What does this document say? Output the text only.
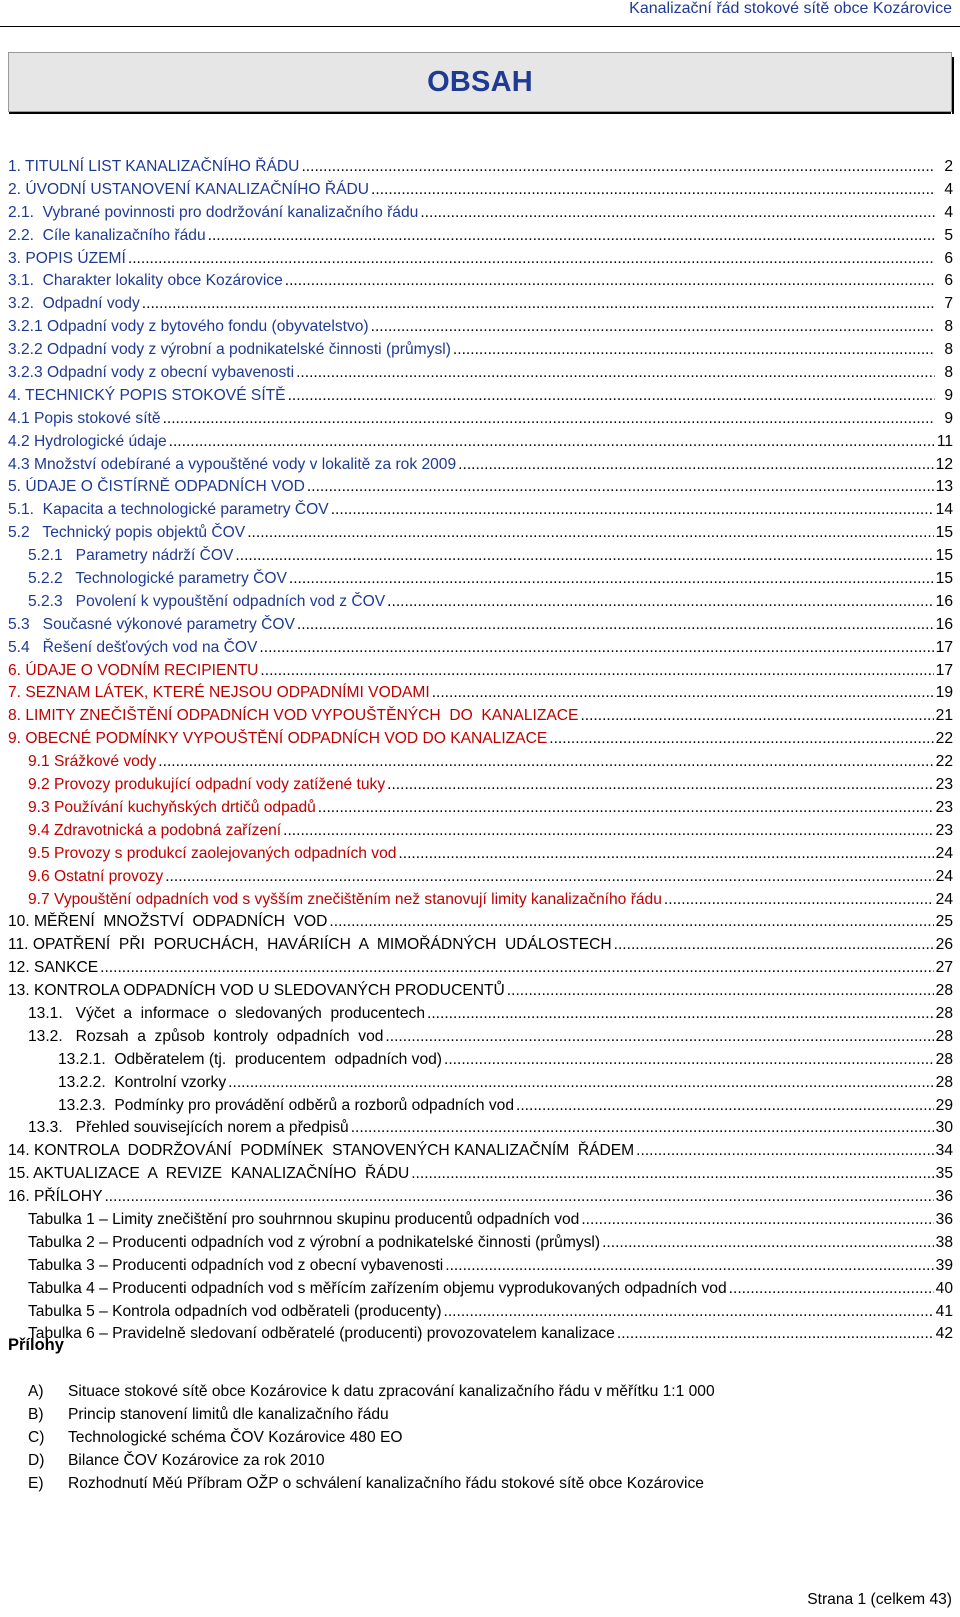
Kanalizační řád stokové sítě obce Kozárovice
OBSAH
1. TITULNÍ LIST KANALIZAČNÍHO ŘÁDU .....	2
2. ÚVODNÍ USTANOVENÍ KANALIZAČNÍHO ŘÁDU .....	4
2.1.  Vybrané povinnosti pro dodržování kanalizačního řádu .....	4
2.2.  Cíle kanalizačního řádu .....	5
3. POPIS ÚZEMÍ .....	6
3.1.  Charakter lokality obce Kozárovice .....	6
3.2.  Odpadní vody .....	7
3.2.1 Odpadní vody z bytového fondu (obyvatelstvo) .....	8
3.2.2 Odpadní vody z výrobní a podnikatelské činnosti (průmysl) .....	8
3.2.3 Odpadní vody z obecní vybavenosti .....	8
4. TECHNICKÝ POPIS STOKOVÉ SÍTĚ .....	9
4.1 Popis stokové sítě .....	9
4.2 Hydrologické údaje .....	11
4.3 Množství odebírané a vypouštěné vody v lokalitě za rok 2009 .....	12
5. ÚDAJE O ČISTÍRNĚ ODPADNÍCH VOD .....	13
5.1.  Kapacita a technologické parametry ČOV .....	14
5.2   Technický popis objektů ČOV .....	15
5.2.1   Parametry nádrží ČOV .....	15
5.2.2   Technologické parametry ČOV .....	15
5.2.3   Povolení k vypouštění odpadních vod z ČOV .....	16
5.3   Současné výkonové parametry ČOV .....	16
5.4   Řešení dešťových vod na ČOV .....	17
6. ÚDAJE O VODNÍM RECIPIENTU .....	17
7. SEZNAM LÁTEK, KTERÉ NEJSOU ODPADNÍMI VODAMI .....	19
8. LIMITY ZNEČIŠTĚNÍ ODPADNÍCH VOD VYPOUŠTĚNÝCH  DO  KANALIZACE .....	21
9. OBECNÉ PODMÍNKY VYPOUŠTĚNÍ ODPADNÍCH VOD DO KANALIZACE .....	22
9.1 Srážkové vody .....	22
9.2 Provozy produkující odpadní vody zatížené tuky .....	23
9.3 Používání kuchyňských drtičů odpadů .....	23
9.4 Zdravotnická a podobná zařízení .....	23
9.5 Provozy s produkcí zaolejovaných odpadních vod .....	24
9.6 Ostatní provozy .....	24
9.7 Vypouštění odpadních vod s vyšším znečištěním než stanovují limity kanalizačního řádu .....	24
10. MĚŘENÍ  MNOŽSTVÍ  ODPADNÍCH  VOD .....	25
11. OPATŘENÍ  PŘI  PORUCHÁCH,  HAVÁRIÍCH  A  MIMOŘÁDNÝCH  UDÁLOSTECH .....	26
12. SANKCE .....	27
13. KONTROLA ODPADNÍCH VOD U SLEDOVANÝCH PRODUCENTŮ .....	28
13.1.   Výčet  a  informace  o  sledovaných  producentech .....	28
13.2.   Rozsah  a  způsob  kontroly  odpadních  vod .....	28
13.2.1.  Odběratelem (tj.  producentem  odpadních vod) .....	28
13.2.2.  Kontrolní vzorky .....	28
13.2.3.  Podmínky pro provádění odběrů a rozborů odpadních vod .....	29
13.3.   Přehled souvisejících norem a předpisů .....	30
14. KONTROLA  DODRŽOVÁNÍ  PODMÍNEK  STANOVENÝCH KANALIZAČNÍM  ŘÁDEM .....	34
15. AKTUALIZACE  A  REVIZE  KANALIZAČNÍHO  ŘÁDU .....	35
16. PŘÍLOHY .....	36
Tabulka 1 – Limity znečištění pro souhrnnou skupinu producentů odpadních vod .....	36
Tabulka 2 – Producenti odpadních vod z výrobní a podnikatelské činnosti (průmysl) .....	38
Tabulka 3 – Producenti odpadních vod z obecní vybavenosti .....	39
Tabulka 4 – Producenti odpadních vod s měřícím zařízením objemu vyprodukovaných odpadních vod .....	40
Tabulka 5 – Kontrola odpadních vod odběrateli (producenty) .....	41
Tabulka 6 – Pravidelně sledovaní odběratelé (producenti) provozovatelem kanalizace .....	42
Přílohy
A)	Situace stokové sítě obce Kozárovice k datu zpracování kanalizačního řádu v měřítku 1:1 000
B)	Princip stanovení limitů dle kanalizačního řádu
C)	Technologické schéma ČOV Kozárovice 480 EO
D)	Bilance ČOV Kozárovice za rok 2010
E)	Rozhodnutí Měú Příbram OŽP o schválení kanalizačního řádu stokové sítě obce Kozárovice
Strana 1 (celkem 43)
